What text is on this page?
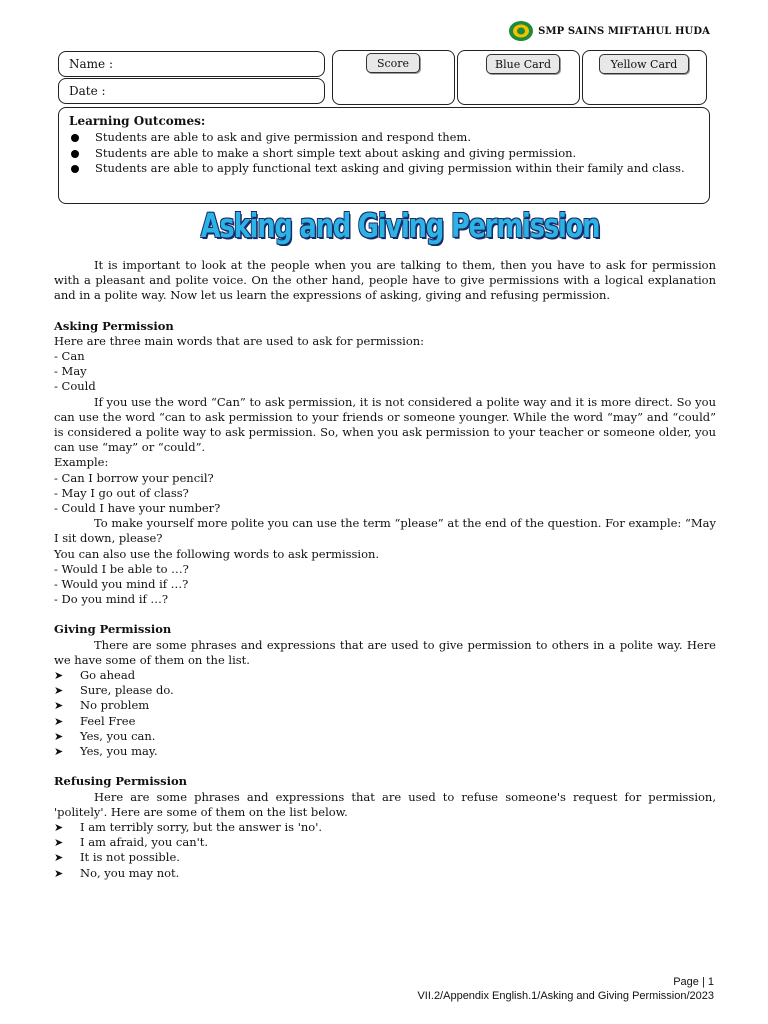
SMP SAINS MIFTAHUL HUDA
Name :
Date :
Score	Blue Card	Yellow Card
Learning Outcomes:
Students are able to ask and give permission and respond them.
Students are able to make a short simple text about asking and giving permission.
Students are able to apply functional text asking and giving permission within their family and class.
Asking and Giving Permission

It is important to look at the people when you are talking to them, then you have to ask for permission with a pleasant and polite voice. On the other hand, people have to give permissions with a logical explanation and in a polite way. Now let us learn the expressions of asking, giving and refusing permission.

Asking Permission

Here are three main words that are used to ask for permission:

- Can

- May

- Could

If you use the word “Can” to ask permission, it is not considered a polite way and it is more direct. So you can use the word “can to ask permission to your friends or someone younger. While the word “may” and “could” is considered a polite way to ask permission. So, when you ask permission to your teacher or someone older, you can use “may” or “could”.

Example:

- Can I borrow your pencil?

- May I go out of class?

- Could I have your number?

To make yourself more polite you can use the term “please” at the end of the question. For example: “May I sit down, please?

You can also use the following words to ask permission.

- Would I be able to …?

- Would you mind if …?

- Do you mind if …?

Giving Permission

There are some phrases and expressions that are used to give permission to others in a polite way. Here we have some of them on the list.

➤ Go ahead
➤ Sure, please do.
➤ No problem
➤ Feel Free
➤ Yes, you can.
➤ Yes, you may.

Refusing Permission

Here are some phrases and expressions that are used to refuse someone's request for permission, 'politely'. Here are some of them on the list below.

➤ I am terribly sorry, but the answer is 'no'.
➤ I am afraid, you can't.
➤ It is not possible.
➤ No, you may not.
Page | 1
VII.2/Appendix English.1/Asking and Giving Permission/2023
